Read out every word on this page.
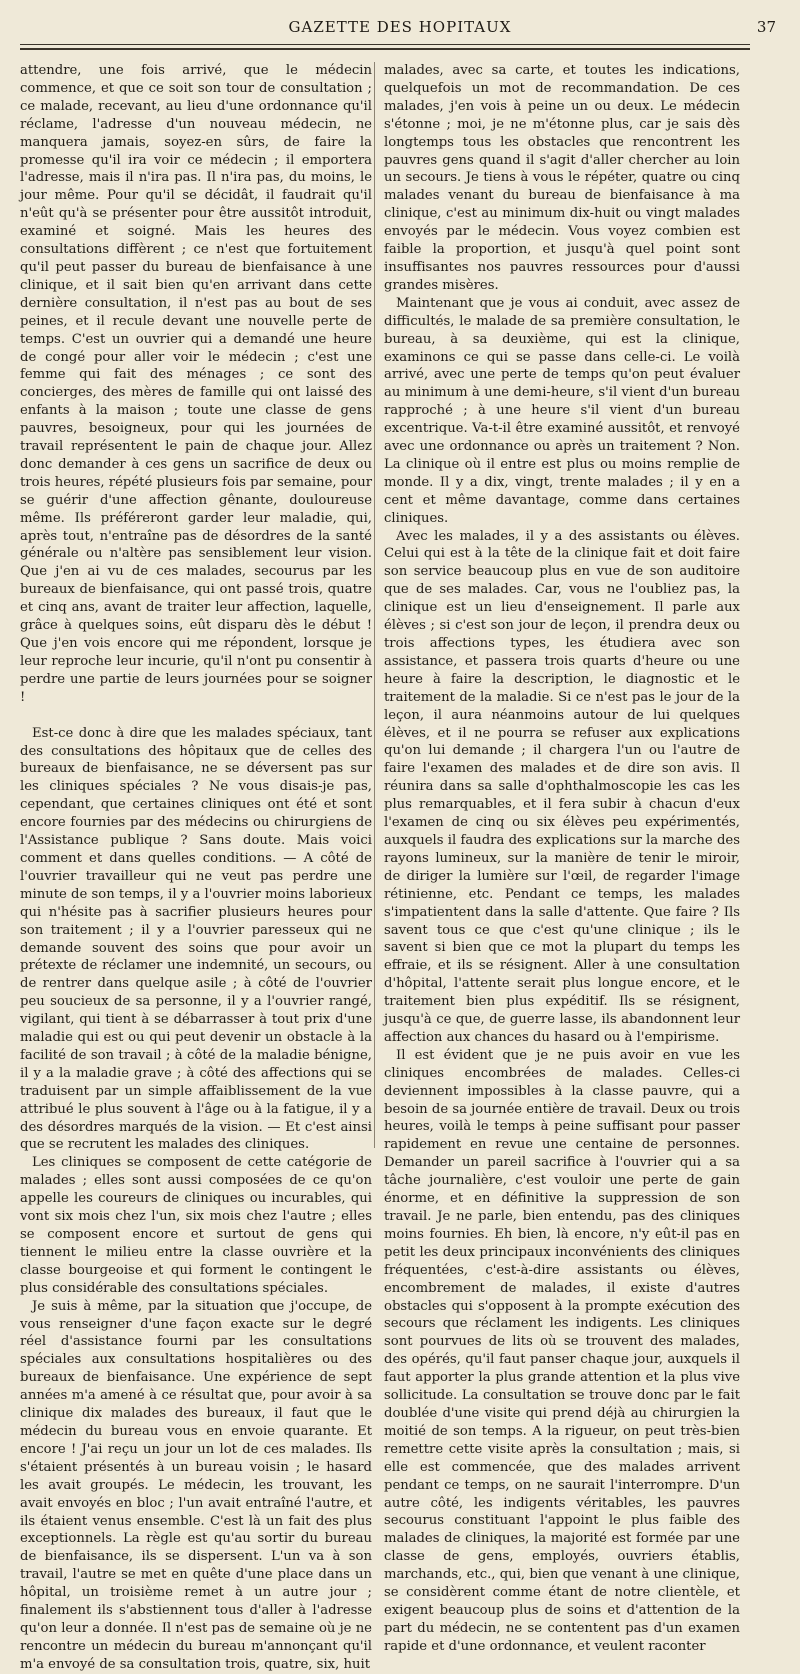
GAZETTE DES HOPITAUX	37

attendre, une fois arrivé, que le médecin commence, et que ce soit son tour de consultation ; ce malade, recevant, au lieu d'une ordonnance qu'il réclame, l'adresse d'un nouveau médecin, ne manquera jamais, soyez-en sûrs, de faire la promesse qu'il ira voir ce médecin ; il emportera l'adresse, mais il n'ira pas. Il n'ira pas, du moins, le jour même. Pour qu'il se décidât, il faudrait qu'il n'eût qu'à se présenter pour être aussitôt introduit, examiné et soigné. Mais les heures des consultations diffèrent ; ce n'est que fortuitement qu'il peut passer du bureau de bienfaisance à une clinique, et il sait bien qu'en arrivant dans cette dernière consultation, il n'est pas au bout de ses peines, et il recule devant une nouvelle perte de temps. C'est un ouvrier qui a demandé une heure de congé pour aller voir le médecin ; c'est une femme qui fait des ménages ; ce sont des concierges, des mères de famille qui ont laissé des enfants à la maison ; toute une classe de gens pauvres, besoigneux, pour qui les journées de travail représentent le pain de chaque jour. Allez donc demander à ces gens un sacrifice de deux ou trois heures, répété plusieurs fois par semaine, pour se guérir d'une affection gênante, douloureuse même. Ils préféreront garder leur maladie, qui, après tout, n'entraîne pas de désordres de la santé générale ou n'altère pas sensiblement leur vision. Que j'en ai vu de ces malades, secourus par les bureaux de bienfaisance, qui ont passé trois, quatre et cinq ans, avant de traiter leur affection, laquelle, grâce à quelques soins, eût disparu dès le début ! Que j'en vois encore qui me répondent, lorsque je leur reproche leur incurie, qu'il n'ont pu consentir à perdre une partie de leurs journées pour se soigner !

Est-ce donc à dire que les malades spéciaux, tant des consultations des hôpitaux que de celles des bureaux de bienfaisance, ne se déversent pas sur les cliniques spéciales ? Ne vous disais-je pas, cependant, que certaines cliniques ont été et sont encore fournies par des médecins ou chirurgiens de l'Assistance publique ? Sans doute. Mais voici comment et dans quelles conditions. — A côté de l'ouvrier travailleur qui ne veut pas perdre une minute de son temps, il y a l'ouvrier moins laborieux qui n'hésite pas à sacrifier plusieurs heures pour son traitement ; il y a l'ouvrier paresseux qui ne demande souvent des soins que pour avoir un prétexte de réclamer une indemnité, un secours, ou de rentrer dans quelque asile ; à côté de l'ouvrier peu soucieux de sa personne, il y a l'ouvrier rangé, vigilant, qui tient à se débarrasser à tout prix d'une maladie qui est ou qui peut devenir un obstacle à la facilité de son travail ; à côté de la maladie bénigne, il y a la maladie grave ; à côté des affections qui se traduisent par un simple affaiblissement de la vue attribué le plus souvent à l'âge ou à la fatigue, il y a des désordres marqués de la vision. — Et c'est ainsi que se recrutent les malades des cliniques.

Les cliniques se composent de cette catégorie de malades ; elles sont aussi composées de ce qu'on appelle les coureurs de cliniques ou incurables, qui vont six mois chez l'un, six mois chez l'autre ; elles se composent encore et surtout de gens qui tiennent le milieu entre la classe ouvrière et la classe bourgeoise et qui forment le contingent le plus considérable des consultations spéciales.

Je suis à même, par la situation que j'occupe, de vous renseigner d'une façon exacte sur le degré réel d'assistance fourni par les consultations spéciales aux consultations hospitalières ou des bureaux de bienfaisance. Une expérience de sept années m'a amené à ce résultat que, pour avoir à sa clinique dix malades des bureaux, il faut que le médecin du bureau vous en envoie quarante. Et encore ! J'ai reçu un jour un lot de ces malades. Ils s'étaient présentés à un bureau voisin ; le hasard les avait groupés. Le médecin, les trouvant, les avait envoyés en bloc ; l'un avait entraîné l'autre, et ils étaient venus ensemble. C'est là un fait des plus exceptionnels. La règle est qu'au sortir du bureau de bienfaisance, ils se dispersent. L'un va à son travail, l'autre se met en quête d'une place dans un hôpital, un troisième remet à un autre jour ; finalement ils s'abstiennent tous d'aller à l'adresse qu'on leur a donnée. Il n'est pas de semaine où je ne rencontre un médecin du bureau m'annonçant qu'il m'a envoyé de sa consultation trois, quatre, six, huit

malades, avec sa carte, et toutes les indications, quelquefois un mot de recommandation. De ces malades, j'en vois à peine un ou deux. Le médecin s'étonne ; moi, je ne m'étonne plus, car je sais dès longtemps tous les obstacles que rencontrent les pauvres gens quand il s'agit d'aller chercher au loin un secours. Je tiens à vous le répéter, quatre ou cinq malades venant du bureau de bienfaisance à ma clinique, c'est au minimum dix-huit ou vingt malades envoyés par le médecin. Vous voyez combien est faible la proportion, et jusqu'à quel point sont insuffisantes nos pauvres ressources pour d'aussi grandes misères.

Maintenant que je vous ai conduit, avec assez de difficultés, le malade de sa première consultation, le bureau, à sa deuxième, qui est la clinique, examinons ce qui se passe dans celle-ci. Le voilà arrivé, avec une perte de temps qu'on peut évaluer au minimum à une demi-heure, s'il vient d'un bureau rapproché ; à une heure s'il vient d'un bureau excentrique. Va-t-il être examiné aussitôt, et renvoyé avec une ordonnance ou après un traitement ? Non. La clinique où il entre est plus ou moins remplie de monde. Il y a dix, vingt, trente malades ; il y en a cent et même davantage, comme dans certaines cliniques.

Avec les malades, il y a des assistants ou élèves. Celui qui est à la tête de la clinique fait et doit faire son service beaucoup plus en vue de son auditoire que de ses malades. Car, vous ne l'oubliez pas, la clinique est un lieu d'enseignement. Il parle aux élèves ; si c'est son jour de leçon, il prendra deux ou trois affections types, les étudiera avec son assistance, et passera trois quarts d'heure ou une heure à faire la description, le diagnostic et le traitement de la maladie. Si ce n'est pas le jour de la leçon, il aura néanmoins autour de lui quelques élèves, et il ne pourra se refuser aux explications qu'on lui demande ; il chargera l'un ou l'autre de faire l'examen des malades et de dire son avis. Il réunira dans sa salle d'ophthalmoscopie les cas les plus remarquables, et il fera subir à chacun d'eux l'examen de cinq ou six élèves peu expérimentés, auxquels il faudra des explications sur la marche des rayons lumineux, sur la manière de tenir le miroir, de diriger la lumière sur l'œil, de regarder l'image rétinienne, etc. Pendant ce temps, les malades s'impatientent dans la salle d'attente. Que faire ? Ils savent tous ce que c'est qu'une clinique ; ils le savent si bien que ce mot la plupart du temps les effraie, et ils se résignent. Aller à une consultation d'hôpital, l'attente serait plus longue encore, et le traitement bien plus expéditif. Ils se résignent, jusqu'à ce que, de guerre lasse, ils abandonnent leur affection aux chances du hasard ou à l'empirisme.

Il est évident que je ne puis avoir en vue les cliniques encombrées de malades. Celles-ci deviennent impossibles à la classe pauvre, qui a besoin de sa journée entière de travail. Deux ou trois heures, voilà le temps à peine suffisant pour passer rapidement en revue une centaine de personnes. Demander un pareil sacrifice à l'ouvrier qui a sa tâche journalière, c'est vouloir une perte de gain énorme, et en définitive la suppression de son travail. Je ne parle, bien entendu, pas des cliniques moins fournies. Eh bien, là encore, n'y eût-il pas en petit les deux principaux inconvénients des cliniques fréquentées, c'est-à-dire assistants ou élèves, encombrement de malades, il existe d'autres obstacles qui s'opposent à la prompte exécution des secours que réclament les indigents. Les cliniques sont pourvues de lits où se trouvent des malades, des opérés, qu'il faut panser chaque jour, auxquels il faut apporter la plus grande attention et la plus vive sollicitude. La consultation se trouve donc par le fait doublée d'une visite qui prend déjà au chirurgien la moitié de son temps. A la rigueur, on peut très-bien remettre cette visite après la consultation ; mais, si elle est commencée, que des malades arrivent pendant ce temps, on ne saurait l'interrompre. D'un autre côté, les indigents véritables, les pauvres secourus constituant l'appoint le plus faible des malades de cliniques, la majorité est formée par une classe de gens, employés, ouvriers établis, marchands, etc., qui, bien que venant à une clinique, se considèrent comme étant de notre clientèle, et exigent beaucoup plus de soins et d'attention de la part du médecin, ne se contentent pas d'un examen rapide et d'une ordonnance, et veulent raconter
